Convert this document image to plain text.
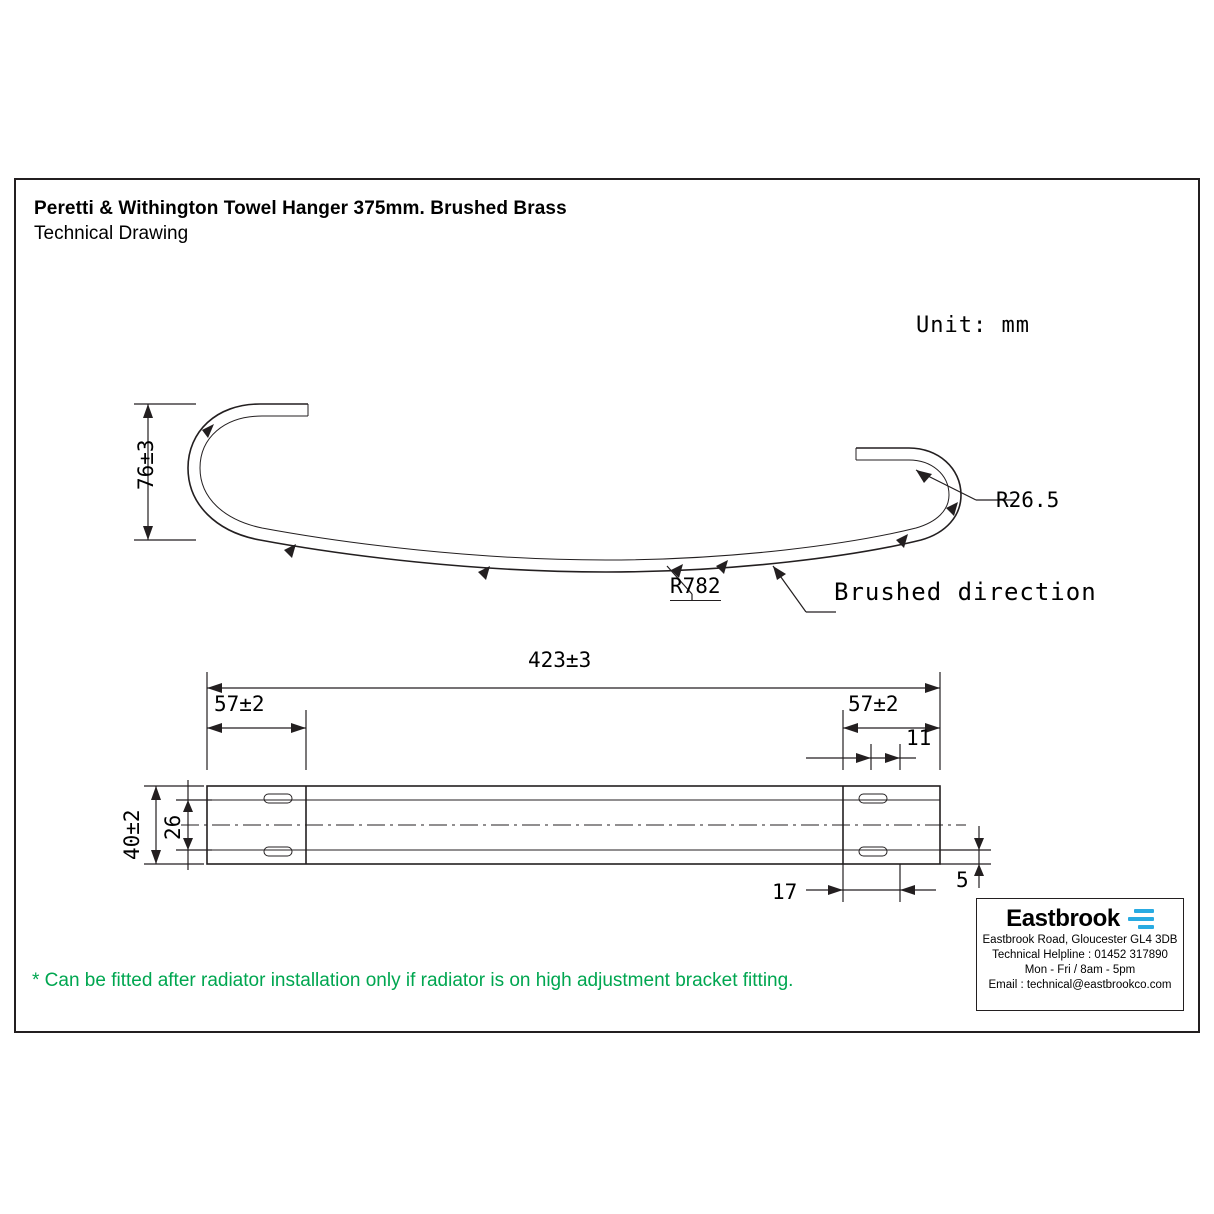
Peretti & Withington Towel Hanger 375mm. Brushed Brass
Technical Drawing
Unit: mm
76±3
R26.5
R782	Brushed direction
423±3
57±2	57±2
11
40±2 26
17	5
* Can be fitted after radiator installation only if radiator is on high adjustment bracket fitting.
Eastbrook
Eastbrook Road, Gloucester GL4 3DB
Technical Helpline : 01452 317890
Mon - Fri / 8am - 5pm
Email : technical@eastbrookco.com
